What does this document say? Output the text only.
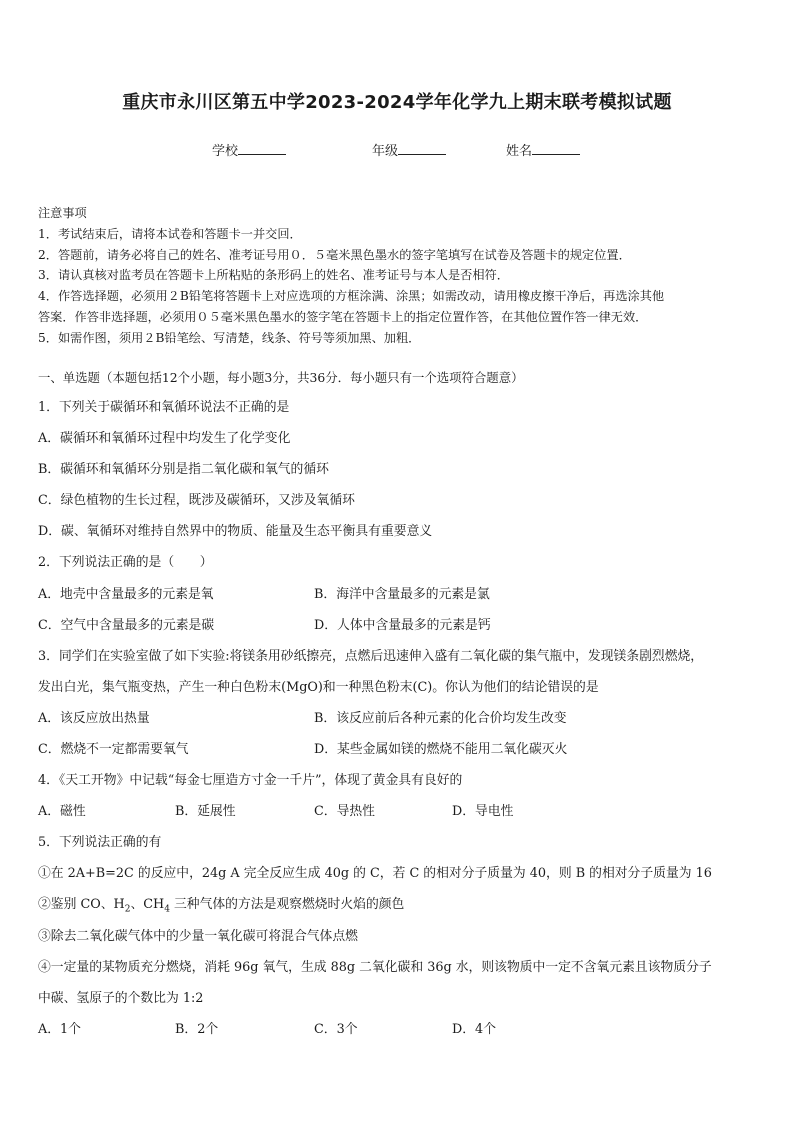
重庆市永川区第五中学2023-2024学年化学九上期末联考模拟试题
学校	年级	姓名
注意事项
1．考试结束后，请将本试卷和答题卡一并交回．
2．答题前，请务必将自己的姓名、准考证号用０．５毫米黑色墨水的签字笔填写在试卷及答题卡的规定位置．
3．请认真核对监考员在答题卡上所粘贴的条形码上的姓名、准考证号与本人是否相符．
4．作答选择题，必须用２B铅笔将答题卡上对应选项的方框涂满、涂黑；如需改动，请用橡皮擦干净后，再选涂其他
答案．作答非选择题，必须用０５毫米黑色墨水的签字笔在答题卡上的指定位置作答，在其他位置作答一律无效．
5．如需作图，须用２B铅笔绘、写清楚，线条、符号等须加黑、加粗．
一、单选题（本题包括12个小题，每小题3分，共36分．每小题只有一个选项符合题意）
1．下列关于碳循环和氧循环说法不正确的是
A．碳循环和氧循环过程中均发生了化学变化
B．碳循环和氧循环分别是指二氧化碳和氧气的循环
C．绿色植物的生长过程，既涉及碳循环，又涉及氧循环
D．碳、氧循环对维持自然界中的物质、能量及生态平衡具有重要意义
2．下列说法正确的是（　　）
A．地壳中含量最多的元素是氧	B．海洋中含量最多的元素是氯
C．空气中含量最多的元素是碳	D．人体中含量最多的元素是钙
3．同学们在实验室做了如下实验:将镁条用砂纸擦亮，点燃后迅速伸入盛有二氧化碳的集气瓶中，发现镁条剧烈燃烧，
发出白光，集气瓶变热，产生一种白色粉末(MgO)和一种黑色粉末(C)。你认为他们的结论错误的是
A．该反应放出热量	B．该反应前后各种元素的化合价均发生改变
C．燃烧不一定都需要氧气	D．某些金属如镁的燃烧不能用二氧化碳灭火
4．《天工开物》中记载“每金七厘造方寸金一千片”，体现了黄金具有良好的
A．磁性	B．延展性	C．导热性	D．导电性
5．下列说法正确的有
①在 2A+B=2C 的反应中，24g A 完全反应生成 40g 的 C，若 C 的相对分子质量为 40，则 B 的相对分子质量为 16
②鉴别 CO、$H_2$、$CH_4$ 三种气体的方法是观察燃烧时火焰的颜色
③除去二氧化碳气体中的少量一氧化碳可将混合气体点燃
④一定量的某物质充分燃烧，消耗 96g 氧气，生成 88g 二氧化碳和 36g 水，则该物质中一定不含氧元素且该物质分子
中碳、氢原子的个数比为 1:2
A．1个	B．2个	C．3个	D．4个
